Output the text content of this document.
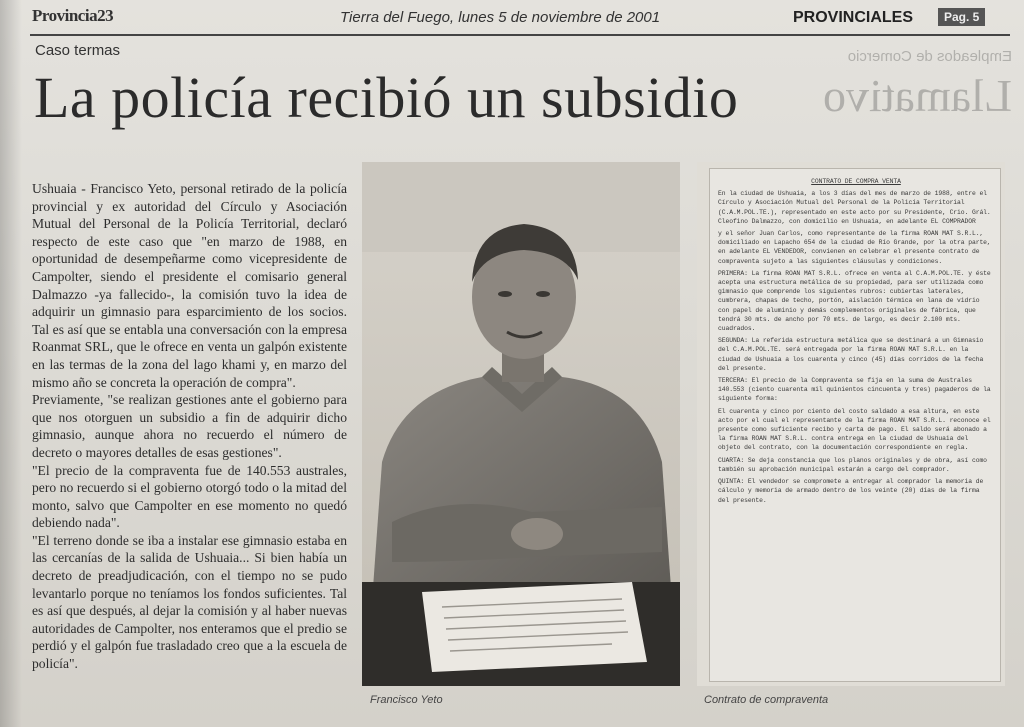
Provincia23	Tierra del Fuego, lunes 5 de noviembre de 2001	PROVINCIALES	Pag. 5
Empleados de Comercio
Llamativo
Caso termas
La policía recibió un subsidio

Ushuaia - Francisco Yeto, personal retirado de la policía provincial y ex autoridad del Círculo y Asociación Mutual del Personal de la Policía Territorial, declaró respecto de este caso que "en marzo de 1988, en oportunidad de desempeñarme como vicepresidente de Campolter, siendo el presidente el comisario general Dalmazzo -ya fallecido-, la comisión tuvo la idea de adquirir un gimnasio para esparcimiento de los socios. Tal es así que se entabla una conversación con la empresa Roanmat SRL, que le ofrece en venta un galpón existente en las termas de la zona del lago khami y, en marzo del mismo año se concreta la operación de compra".

Previamente, "se realizan gestiones ante el gobierno para que nos otorguen un subsidio a fin de adquirir dicho gimnasio, aunque ahora no recuerdo el número de decreto o mayores detalles de esas gestiones".

"El precio de la compraventa fue de 140.553 australes, pero no recuerdo si el gobierno otorgó todo o la mitad del monto, salvo que Campolter en ese momento no quedó debiendo nada".

"El terreno donde se iba a instalar ese gimnasio estaba en las cercanías de la salida de Ushuaia... Si bien había un decreto de preadjudicación, con el tiempo no se pudo levantarlo porque no teníamos los fondos suficientes. Tal es así que después, al dejar la comisión y al haber nuevas autoridades de Campolter, nos enteramos que el predio se perdió y el galpón fue trasladado creo que a la escuela de policía".

Francisco Yeto

CONTRATO DE COMPRA VENTA

En la ciudad de Ushuaia, a los 3 días del mes de marzo de 1988, entre el Círculo y Asociación Mutual del Personal de la Policía Territorial (C.A.M.POL.TE.), representado en este acto por su Presidente, Crio. Grál. Cleofino Dalmazzo, con domicilio en Ushuaia, en adelante EL COMPRADOR

y el señor Juan Carlos, como representante de la firma ROAN MAT S.R.L., domiciliado en Lapacho 654 de la ciudad de Río Grande, por la otra parte, en adelante EL VENDEDOR, convienen en celebrar el presente contrato de compraventa sujeto a las siguientes cláusulas y condiciones.

PRIMERA: La firma ROAN MAT S.R.L. ofrece en venta al C.A.M.POL.TE. y éste acepta una estructura metálica de su propiedad, para ser utilizada como gimnasio que comprende los siguientes rubros: cubiertas laterales, cumbrera, chapas de techo, portón, aislación térmica en lana de vidrio con papel de aluminio y demás complementos originales de fábrica, que tendrá 30 mts. de ancho por 70 mts. de largo, es decir 2.100 mts. cuadrados.

SEGUNDA: La referida estructura metálica que se destinará a un Gimnasio del C.A.M.POL.TE. será entregada por la firma ROAN MAT S.R.L. en la ciudad de Ushuaia a los cuarenta y cinco (45) días corridos de la fecha del presente.

TERCERA: El precio de la Compraventa se fija en la suma de Australes 140.553 (ciento cuarenta mil quinientos cincuenta y tres) pagaderos de la siguiente forma:

El cuarenta y cinco por ciento del costo saldado a esa altura, en este acto por el cual el representante de la firma ROAN MAT S.R.L. reconoce el presente como suficiente recibo y carta de pago. El saldo será abonado a la firma ROAN MAT S.R.L. contra entrega en la ciudad de Ushuaia del objeto del contrato, con la documentación correspondiente en regla.

CUARTA: Se deja constancia que los planos originales y de obra, así como también su aprobación municipal estarán a cargo del comprador.

QUINTA: El vendedor se compromete a entregar al comprador la memoria de cálculo y memoria de armado dentro de los veinte (20) días de la firma del presente.

Contrato de compraventa
